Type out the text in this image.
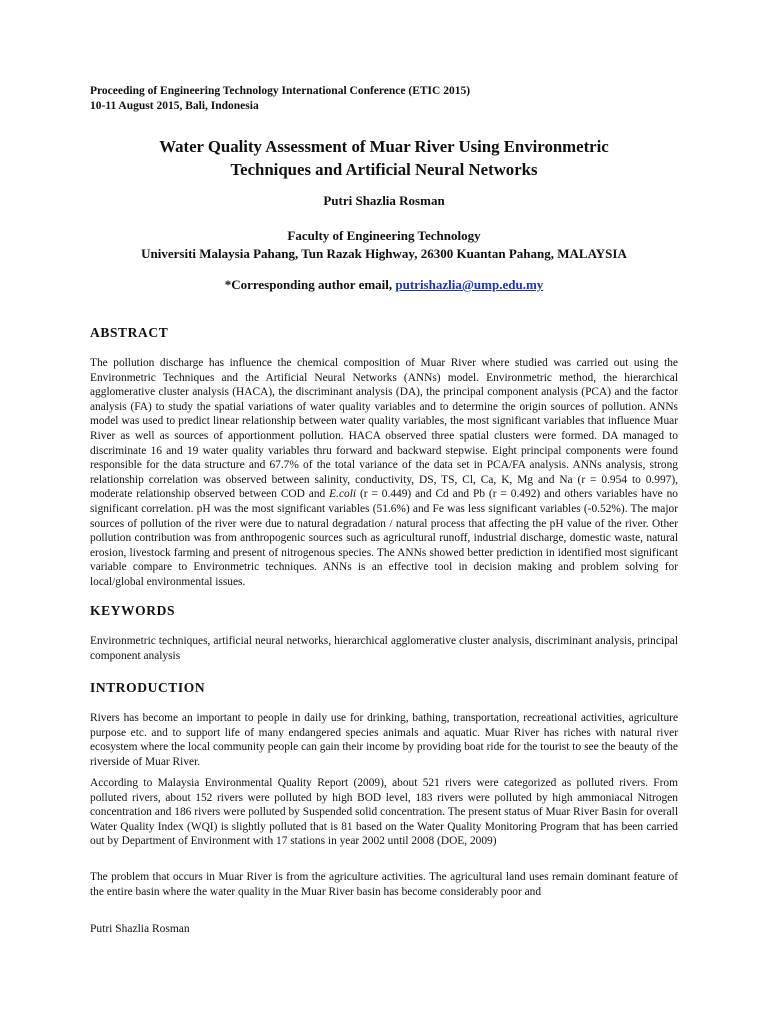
Proceeding of Engineering Technology International Conference (ETIC 2015)
10-11 August 2015, Bali, Indonesia
Water Quality Assessment of Muar River Using Environmetric
Techniques and Artificial Neural Networks
Putri Shazlia Rosman
Faculty of Engineering Technology
Universiti Malaysia Pahang, Tun Razak Highway, 26300 Kuantan Pahang, MALAYSIA
*Corresponding author email, putrishazlia@ump.edu.my
ABSTRACT
The pollution discharge has influence the chemical composition of Muar River where studied was carried out using the Environmetric Techniques and the Artificial Neural Networks (ANNs) model. Environmetric method, the hierarchical agglomerative cluster analysis (HACA), the discriminant analysis (DA), the principal component analysis (PCA) and the factor analysis (FA) to study the spatial variations of water quality variables and to determine the origin sources of pollution. ANNs model was used to predict linear relationship between water quality variables, the most significant variables that influence Muar River as well as sources of apportionment pollution. HACA observed three spatial clusters were formed. DA managed to discriminate 16 and 19 water quality variables thru forward and backward stepwise. Eight principal components were found responsible for the data structure and 67.7% of the total variance of the data set in PCA/FA analysis. ANNs analysis, strong relationship correlation was observed between salinity, conductivity, DS, TS, Cl, Ca, K, Mg and Na (r = 0.954 to 0.997), moderate relationship observed between COD and E.coli (r = 0.449) and Cd and Pb (r = 0.492) and others variables have no significant correlation. pH was the most significant variables (51.6%) and Fe was less significant variables (-0.52%). The major sources of pollution of the river were due to natural degradation / natural process that affecting the pH value of the river. Other pollution contribution was from anthropogenic sources such as agricultural runoff, industrial discharge, domestic waste, natural erosion, livestock farming and present of nitrogenous species. The ANNs showed better prediction in identified most significant variable compare to Environmetric techniques. ANNs is an effective tool in decision making and problem solving for local/global environmental issues.
KEYWORDS
Environmetric techniques, artificial neural networks, hierarchical agglomerative cluster analysis, discriminant analysis, principal component analysis
INTRODUCTION
Rivers has become an important to people in daily use for drinking, bathing, transportation, recreational activities, agriculture purpose etc. and to support life of many endangered species animals and aquatic. Muar River has riches with natural river ecosystem where the local community people can gain their income by providing boat ride for the tourist to see the beauty of the riverside of Muar River.
According to Malaysia Environmental Quality Report (2009), about 521 rivers were categorized as polluted rivers. From polluted rivers, about 152 rivers were polluted by high BOD level, 183 rivers were polluted by high ammoniacal Nitrogen concentration and 186 rivers were polluted by Suspended solid concentration. The present status of Muar River Basin for overall Water Quality Index (WQI) is slightly polluted that is 81 based on the Water Quality Monitoring Program that has been carried out by Department of Environment with 17 stations in year 2002 until 2008 (DOE, 2009)
The problem that occurs in Muar River is from the agriculture activities. The agricultural land uses remain dominant feature of the entire basin where the water quality in the Muar River basin has become considerably poor and
Putri Shazlia Rosman
